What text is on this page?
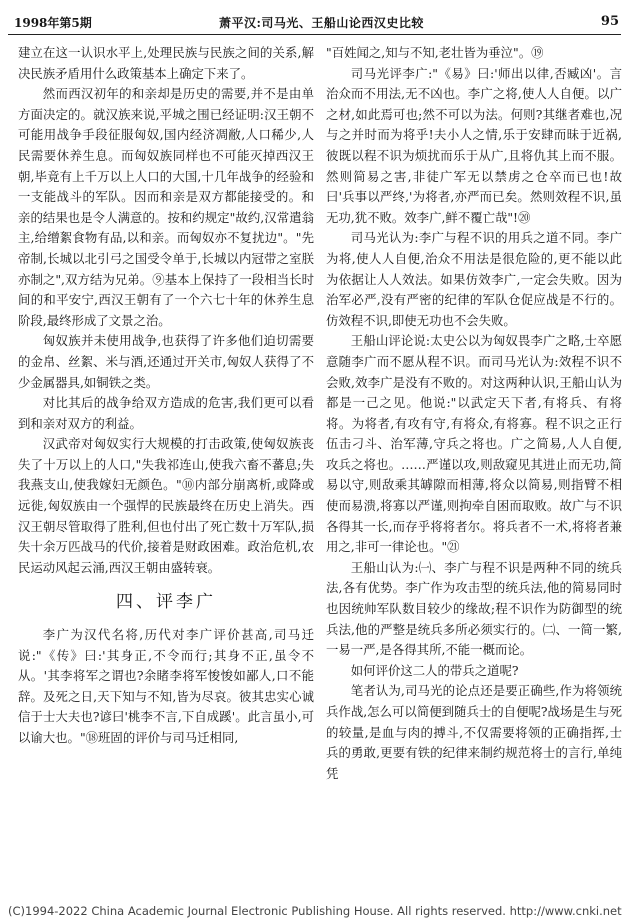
1998年第5期	萧平汉:司马光、王船山论西汉史比较	95

建立在这一认识水平上,处理民族与民族之间的关系,解决民族矛盾用什么政策基本上确定下来了。

然而西汉初年的和亲却是历史的需要,并不是由单方面决定的。就汉族来说,平城之围已经证明:汉王朝不可能用战争手段征服匈奴,国内经济凋敝,人口稀少,人民需要休养生息。而匈奴族同样也不可能灭掉西汉王朝,毕竟有上千万以上人口的大国,十几年战争的经验和一支能战斗的军队。因而和亲是双方都能接受的。和亲的结果也是令人满意的。按和约规定"故约,汉常遣翁主,给缯絮食物有品,以和亲。而匈奴亦不复扰边"。"先帝制,长城以北引弓之国受令单于,长城以内冠带之室朕亦制之",双方结为兄弟。⑨基本上保持了一段相当长时间的和平安宁,西汉王朝有了一个六七十年的休养生息阶段,最终形成了文景之治。

匈奴族并未使用战争,也获得了许多他们迫切需要的金帛、丝絮、米与酒,还通过开关市,匈奴人获得了不少金属器具,如铜铁之类。

对比其后的战争给双方造成的危害,我们更可以看到和亲对双方的利益。

汉武帝对匈奴实行大规模的打击政策,使匈奴族丧失了十万以上的人口,"失我祁连山,使我六畜不蕃息;失我燕支山,使我嫁妇无颜色。"⑩内部分崩离析,或降或远徙,匈奴族由一个强悍的民族最终在历史上消失。西汉王朝尽管取得了胜利,但也付出了死亡数十万军队,损失十余万匹战马的代价,接着是财政困难。政治危机,农民运动风起云涌,西汉王朝由盛转衰。

四、评李广

李广为汉代名将,历代对李广评价甚高,司马迁说:"《传》曰:'其身正,不令而行;其身不正,虽令不从。'其李将军之谓也?余睹李将军悛悛如鄙人,口不能辞。及死之日,天下知与不知,皆为尽哀。彼其忠实心诚信于士大夫也?谚曰'桃李不言,下自成蹊'。此言虽小,可以谕大也。"⑱班固的评价与司马迁相同,

"百姓闻之,知与不知,老壮皆为垂泣"。⑲

司马光评李广:"《易》曰:'师出以律,否臧凶'。言治众而不用法,无不凶也。李广之将,使人人自便。以广之材,如此焉可也;然不可以为法。何则?其继者难也,况与之并时而为将乎!夫小人之情,乐于安肆而昧于近祸,彼既以程不识为烦扰而乐于从广,且将仇其上而不服。然则简易之害,非徒广军无以禁虏之仓卒而已也!故曰'兵事以严终,'为将者,亦严而已矣。然则效程不识,虽无功,犹不败。效李广,鲜不覆亡哉"!⑳

司马光认为:李广与程不识的用兵之道不同。李广为将,使人人自便,治众不用法是很危险的,更不能以此为依据让人人效法。如果仿效李广,一定会失败。因为治军必严,没有严密的纪律的军队仓促应战是不行的。仿效程不识,即使无功也不会失败。

王船山评论说:太史公以为匈奴畏李广之略,士卒愿意随李广而不愿从程不识。而司马光认为:效程不识不会败,效李广是没有不败的。对这两种认识,王船山认为都是一己之见。他说:"以武定天下者,有将兵、有将将。为将者,有攻有守,有将众,有将寡。程不识之正行伍击刁斗、治军薄,守兵之将也。广之简易,人人自便,攻兵之将也。……严谨以攻,则敌窥见其进止而无功,简易以守,则敌乘其罅隙而相薄,将众以简易,则指臂不相使而易溃,将寡以严谨,则拘牵自困而取败。故广与不识各得其一长,而存乎将将者尔。将兵者不一术,将将者兼用之,非可一律论也。"㉑

王船山认为:㈠、李广与程不识是两种不同的统兵法,各有优势。李广作为攻击型的统兵法,他的简易同时也因统帅军队数目较少的缘故;程不识作为防御型的统兵法,他的严整是统兵多所必须实行的。㈡、一简一繁,一易一严,是各得其所,不能一概而论。

如何评价这二人的带兵之道呢?

笔者认为,司马光的论点还是要正确些,作为将领统兵作战,怎么可以简便到随兵士的自便呢?战场是生与死的较量,是血与肉的搏斗,不仅需要将领的正确指挥,士兵的勇敢,更要有铁的纪律来制约规范将士的言行,单纯凭

(C)1994-2022 China Academic Journal Electronic Publishing House. All rights reserved. http://www.cnki.net
